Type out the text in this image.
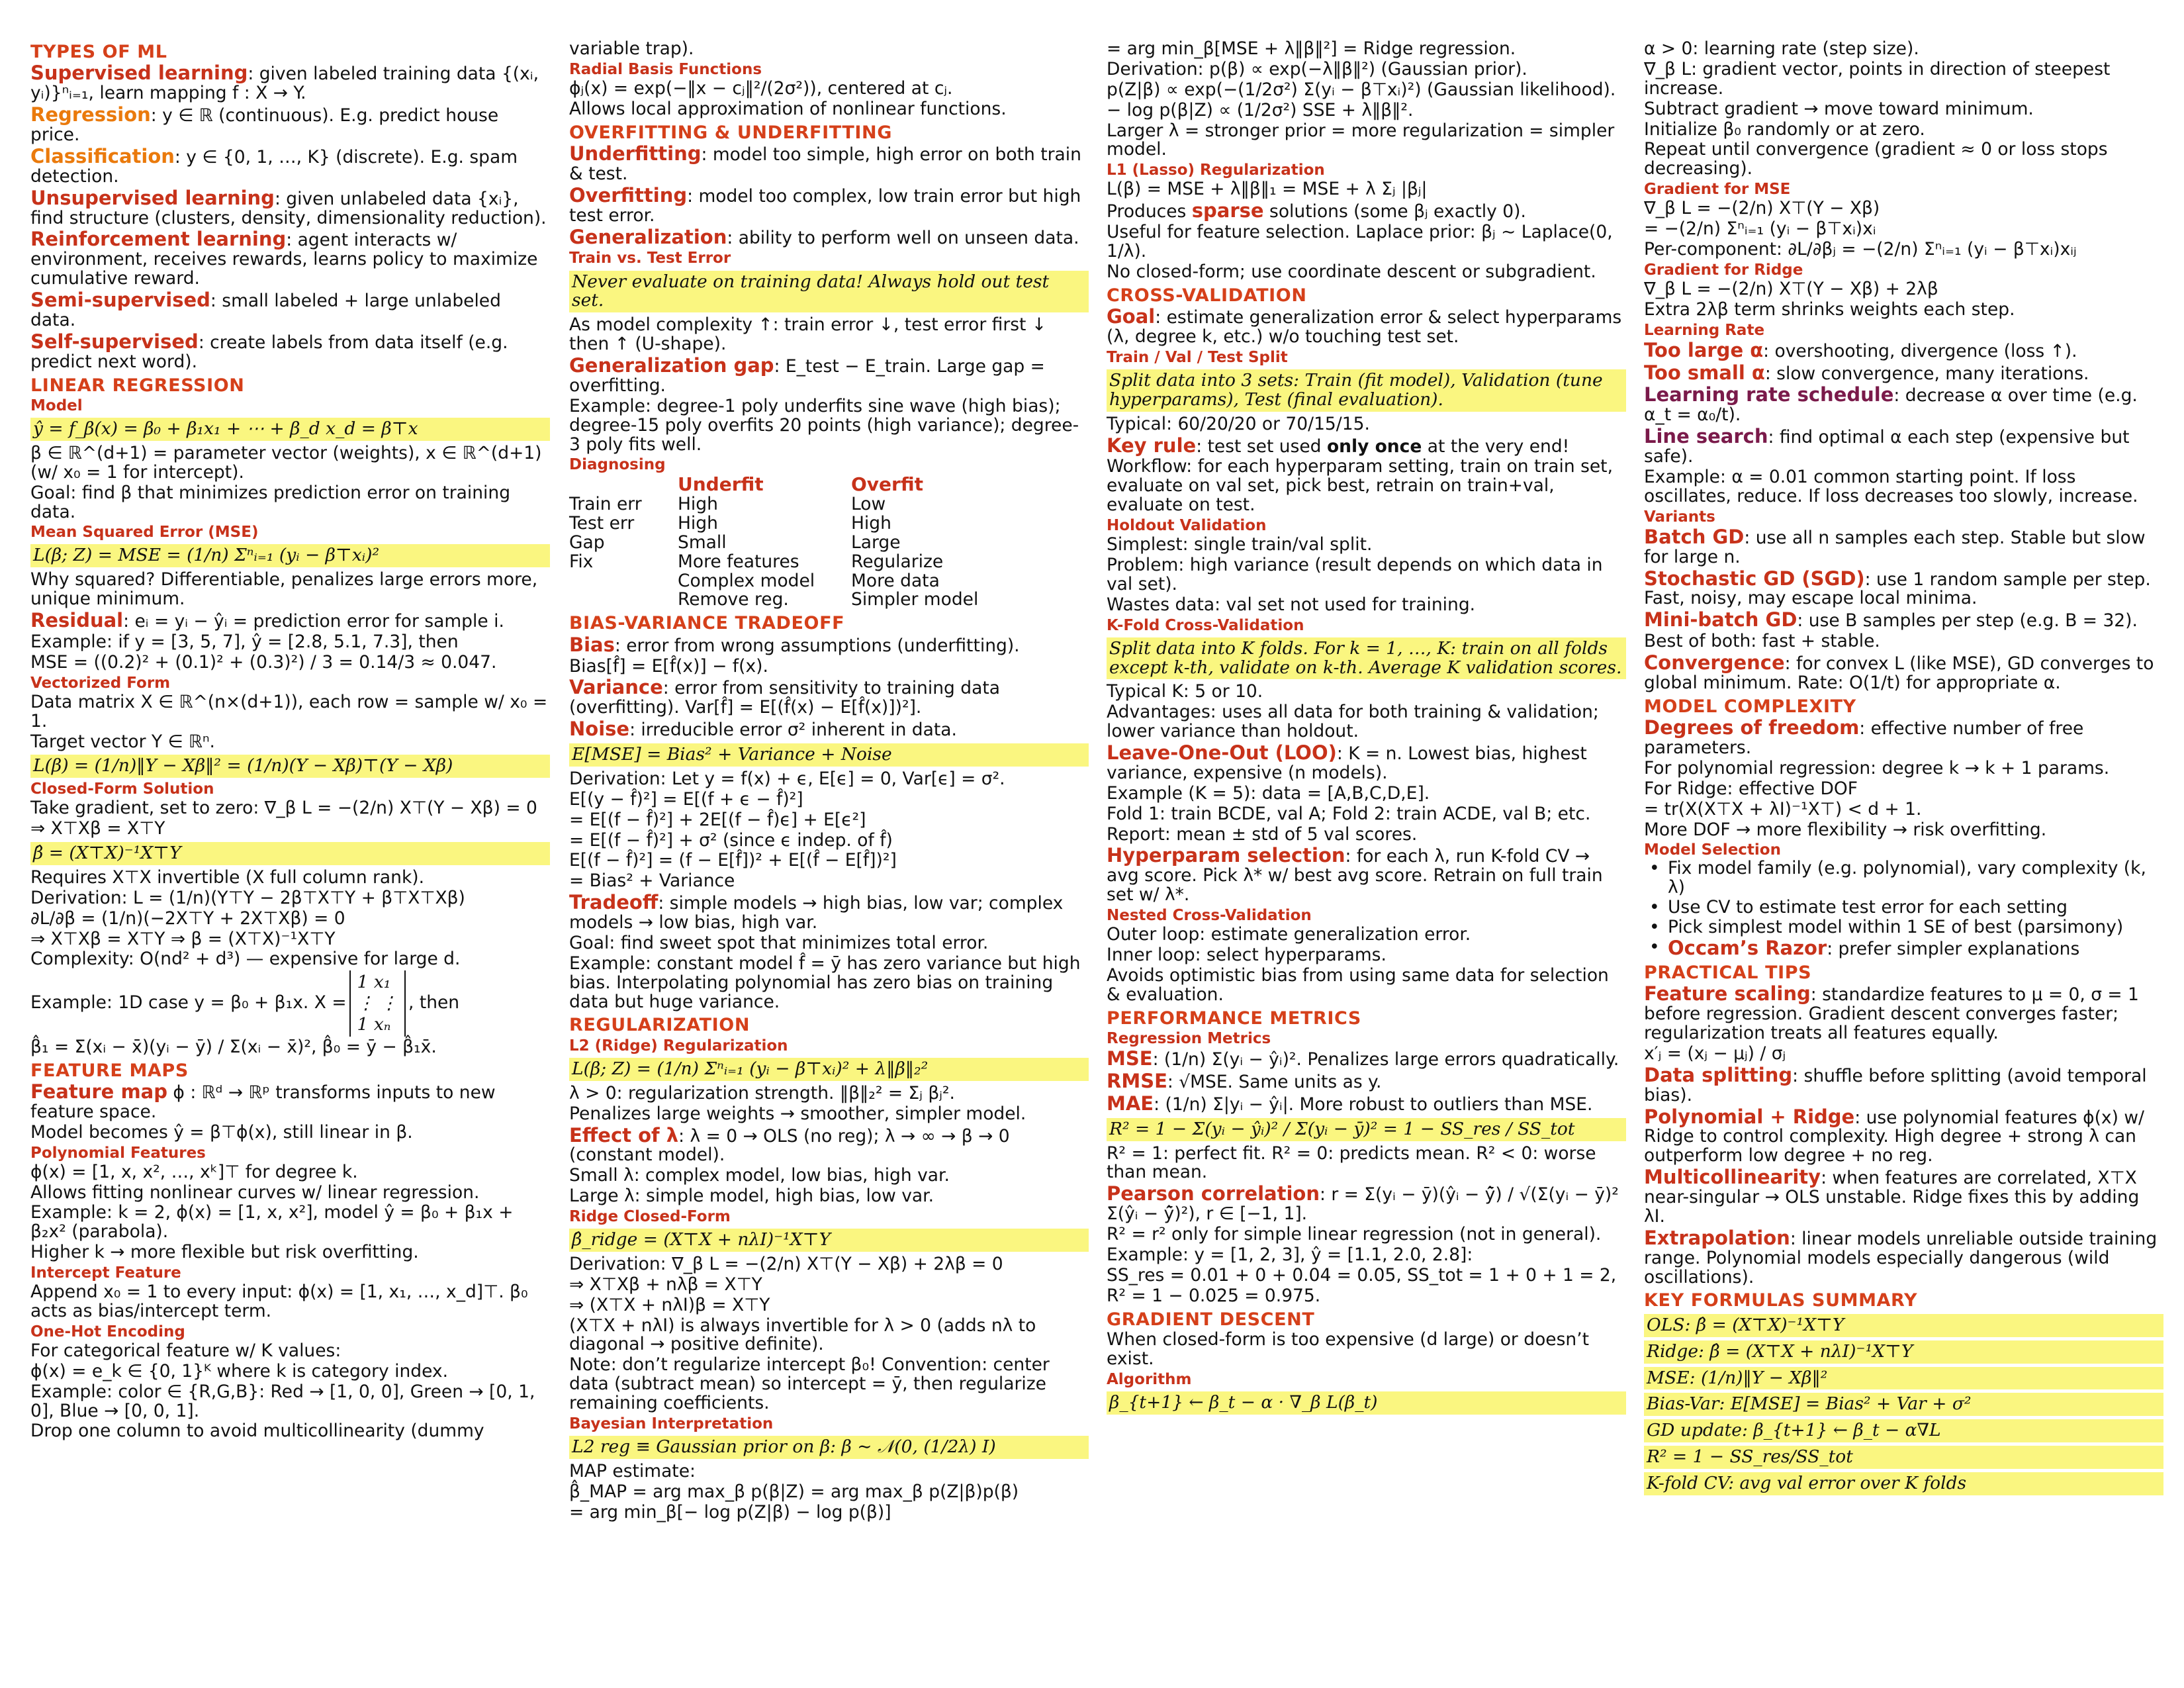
TYPES OF ML
Supervised learning: given labeled training data {(xᵢ, yᵢ)}ⁿᵢ₌₁, learn mapping f : X → Y.
Regression: y ∈ ℝ (continuous). E.g. predict house price.
Classification: y ∈ {0, 1, …, K} (discrete). E.g. spam detection.
Unsupervised learning: given unlabeled data {xᵢ}, find structure (clusters, density, dimensionality reduction).
Reinforcement learning: agent interacts w/ environment, receives rewards, learns policy to maximize cumulative reward.
Semi-supervised: small labeled + large unlabeled data.
Self-supervised: create labels from data itself (e.g. predict next word).
LINEAR REGRESSION
Model
ŷ = f_β(x) = β₀ + β₁x₁ + ⋯ + β_d x_d = β⊤x
β ∈ ℝ^(d+1) = parameter vector (weights), x ∈ ℝ^(d+1) (w/ x₀ = 1 for intercept).
Goal: find β that minimizes prediction error on training data.
Mean Squared Error (MSE)
L(β; Z) = MSE = (1/n) Σⁿᵢ₌₁ (yᵢ − β⊤xᵢ)²
Why squared? Differentiable, penalizes large errors more, unique minimum.
Residual: eᵢ = yᵢ − ŷᵢ = prediction error for sample i.
Example: if y = [3, 5, 7], ŷ = [2.8, 5.1, 7.3], then
MSE = ((0.2)² + (0.1)² + (0.3)²) / 3 = 0.14/3 ≈ 0.047.
Vectorized Form
Data matrix X ∈ ℝ^(n×(d+1)), each row = sample w/ x₀ = 1.
Target vector Y ∈ ℝⁿ.
L(β) = (1/n)‖Y − Xβ‖² = (1/n)(Y − Xβ)⊤(Y − Xβ)
Closed-Form Solution
Take gradient, set to zero: ∇_β L = −(2/n) X⊤(Y − Xβ) = 0
⇒ X⊤Xβ = X⊤Y
β̂ = (X⊤X)⁻¹X⊤Y
Requires X⊤X invertible (X full column rank).
Derivation: L = (1/n)(Y⊤Y − 2β⊤X⊤Y + β⊤X⊤Xβ)
∂L/∂β = (1/n)(−2X⊤Y + 2X⊤Xβ) = 0
⇒ X⊤Xβ = X⊤Y ⇒ β = (X⊤X)⁻¹X⊤Y
Complexity: O(nd² + d³) — expensive for large d.
Example: 1D case y = β₀ + β₁x. X =
1 x₁
⋮ ⋮
1 xₙ
, then
β̂₁ = Σ(xᵢ − x̄)(yᵢ − ȳ) / Σ(xᵢ − x̄)², β̂₀ = ȳ − β̂₁x̄.
FEATURE MAPS
Feature map ϕ : ℝᵈ → ℝᵖ transforms inputs to new feature space.
Model becomes ŷ = β⊤ϕ(x), still linear in β.
Polynomial Features
ϕ(x) = [1, x, x², …, xᵏ]⊤ for degree k.
Allows fitting nonlinear curves w/ linear regression.
Example: k = 2, ϕ(x) = [1, x, x²], model ŷ = β₀ + β₁x + β₂x² (parabola).
Higher k → more flexible but risk overfitting.
Intercept Feature
Append x₀ = 1 to every input: ϕ(x) = [1, x₁, …, x_d]⊤. β₀ acts as bias/intercept term.
One-Hot Encoding
For categorical feature w/ K values:
ϕ(x) = e_k ∈ {0, 1}ᴷ where k is category index.
Example: color ∈ {R,G,B}: Red → [1, 0, 0], Green → [0, 1, 0], Blue → [0, 0, 1].
Drop one column to avoid multicollinearity (dummy
variable trap).
Radial Basis Functions
ϕⱼ(x) = exp(−‖x − cⱼ‖²/(2σ²)), centered at cⱼ.
Allows local approximation of nonlinear functions.
OVERFITTING & UNDERFITTING
Underfitting: model too simple, high error on both train & test.
Overfitting: model too complex, low train error but high test error.
Generalization: ability to perform well on unseen data.
Train vs. Test Error
Never evaluate on training data! Always hold out test set.
As model complexity ↑: train error ↓, test error first ↓ then ↑ (U-shape).
Generalization gap: E_test − E_train. Large gap = overfitting.
Example: degree-1 poly underfits sine wave (high bias); degree-15 poly overfits 20 points (high variance); degree-3 poly fits well.
Diagnosing
Underfit	Overfit
Train err	High	Low
Test err	High	High
Gap	Small	Large
Fix	More features	Regularize
Complex model	More data
Remove reg.	Simpler model
BIAS-VARIANCE TRADEOFF
Bias: error from wrong assumptions (underfitting).
Bias[f̂] = E[f̂(x)] − f(x).
Variance: error from sensitivity to training data (overfitting). Var[f̂] = E[(f̂(x) − E[f̂(x)])²].
Noise: irreducible error σ² inherent in data.
E[MSE] = Bias² + Variance + Noise
Derivation: Let y = f(x) + ϵ, E[ϵ] = 0, Var[ϵ] = σ².
E[(y − f̂)²] = E[(f + ϵ − f̂)²]
= E[(f − f̂)²] + 2E[(f − f̂)ϵ] + E[ϵ²]
= E[(f − f̂)²] + σ² (since ϵ indep. of f̂)
E[(f − f̂)²] = (f − E[f̂])² + E[(f̂ − E[f̂])²]
= Bias² + Variance
Tradeoff: simple models → high bias, low var; complex models → low bias, high var.
Goal: find sweet spot that minimizes total error.
Example: constant model f̂ = ȳ has zero variance but high bias. Interpolating polynomial has zero bias on training data but huge variance.
REGULARIZATION
L2 (Ridge) Regularization
L(β; Z) = (1/n) Σⁿᵢ₌₁ (yᵢ − β⊤xᵢ)² + λ‖β‖₂²
λ > 0: regularization strength. ‖β‖₂² = Σⱼ βⱼ².
Penalizes large weights → smoother, simpler model.
Effect of λ: λ = 0 → OLS (no reg); λ → ∞ → β → 0 (constant model).
Small λ: complex model, low bias, high var.
Large λ: simple model, high bias, low var.
Ridge Closed-Form
β̂_ridge = (X⊤X + nλI)⁻¹X⊤Y
Derivation: ∇_β L = −(2/n) X⊤(Y − Xβ) + 2λβ = 0
⇒ X⊤Xβ + nλβ = X⊤Y
⇒ (X⊤X + nλI)β = X⊤Y
(X⊤X + nλI) is always invertible for λ > 0 (adds nλ to diagonal → positive definite).
Note: don’t regularize intercept β₀! Convention: center data (subtract mean) so intercept = ȳ, then regularize remaining coefficients.
Bayesian Interpretation
L2 reg ≡ Gaussian prior on β: β ∼ 𝒩(0, (1/2λ) I)
MAP estimate:
β̂_MAP = arg max_β p(β|Z) = arg max_β p(Z|β)p(β)
= arg min_β[− log p(Z|β) − log p(β)]
= arg min_β[MSE + λ‖β‖²] = Ridge regression.
Derivation: p(β) ∝ exp(−λ‖β‖²) (Gaussian prior).
p(Z|β) ∝ exp(−(1/2σ²) Σ(yᵢ − β⊤xᵢ)²) (Gaussian likelihood).
− log p(β|Z) ∝ (1/2σ²) SSE + λ‖β‖².
Larger λ = stronger prior = more regularization = simpler model.
L1 (Lasso) Regularization
L(β) = MSE + λ‖β‖₁ = MSE + λ Σⱼ |βⱼ|
Produces sparse solutions (some βⱼ exactly 0).
Useful for feature selection. Laplace prior: βⱼ ∼ Laplace(0, 1/λ).
No closed-form; use coordinate descent or subgradient.
CROSS-VALIDATION
Goal: estimate generalization error & select hyperparams (λ, degree k, etc.) w/o touching test set.
Train / Val / Test Split
Split data into 3 sets: Train (fit model), Validation (tune hyperparams), Test (final evaluation).
Typical: 60/20/20 or 70/15/15.
Key rule: test set used only once at the very end!
Workflow: for each hyperparam setting, train on train set, evaluate on val set, pick best, retrain on train+val, evaluate on test.
Holdout Validation
Simplest: single train/val split.
Problem: high variance (result depends on which data in val set).
Wastes data: val set not used for training.
K-Fold Cross-Validation
Split data into K folds. For k = 1, …, K: train on all folds except k-th, validate on k-th. Average K validation scores.
Typical K: 5 or 10.
Advantages: uses all data for both training & validation; lower variance than holdout.
Leave-One-Out (LOO): K = n. Lowest bias, highest variance, expensive (n models).
Example (K = 5): data = [A,B,C,D,E].
Fold 1: train BCDE, val A; Fold 2: train ACDE, val B; etc.
Report: mean ± std of 5 val scores.
Hyperparam selection: for each λ, run K-fold CV → avg score. Pick λ* w/ best avg score. Retrain on full train set w/ λ*.
Nested Cross-Validation
Outer loop: estimate generalization error.
Inner loop: select hyperparams.
Avoids optimistic bias from using same data for selection & evaluation.
PERFORMANCE METRICS
Regression Metrics
MSE: (1/n) Σ(yᵢ − ŷᵢ)². Penalizes large errors quadratically.
RMSE: √MSE. Same units as y.
MAE: (1/n) Σ|yᵢ − ŷᵢ|. More robust to outliers than MSE.
R² = 1 − Σ(yᵢ − ŷᵢ)² / Σ(yᵢ − ȳ)² = 1 − SS_res / SS_tot
R² = 1: perfect fit. R² = 0: predicts mean. R² < 0: worse than mean.
Pearson correlation: r = Σ(yᵢ − ȳ)(ŷᵢ − ŷ̄) / √(Σ(yᵢ − ȳ)² Σ(ŷᵢ − ŷ̄)²), r ∈ [−1, 1].
R² = r² only for simple linear regression (not in general).
Example: y = [1, 2, 3], ŷ = [1.1, 2.0, 2.8]:
SS_res = 0.01 + 0 + 0.04 = 0.05, SS_tot = 1 + 0 + 1 = 2,
R² = 1 − 0.025 = 0.975.
GRADIENT DESCENT
When closed-form is too expensive (d large) or doesn’t exist.
Algorithm
β_{t+1} ← β_t − α · ∇_β L(β_t)
α > 0: learning rate (step size).
∇_β L: gradient vector, points in direction of steepest increase.
Subtract gradient → move toward minimum.
Initialize β₀ randomly or at zero.
Repeat until convergence (gradient ≈ 0 or loss stops decreasing).
Gradient for MSE
∇_β L = −(2/n) X⊤(Y − Xβ)
= −(2/n) Σⁿᵢ₌₁ (yᵢ − β⊤xᵢ)xᵢ
Per-component: ∂L/∂βⱼ = −(2/n) Σⁿᵢ₌₁ (yᵢ − β⊤xᵢ)xᵢⱼ
Gradient for Ridge
∇_β L = −(2/n) X⊤(Y − Xβ) + 2λβ
Extra 2λβ term shrinks weights each step.
Learning Rate
Too large α: overshooting, divergence (loss ↑).
Too small α: slow convergence, many iterations.
Learning rate schedule: decrease α over time (e.g. α_t = α₀/t).
Line search: find optimal α each step (expensive but safe).
Example: α = 0.01 common starting point. If loss oscillates, reduce. If loss decreases too slowly, increase.
Variants
Batch GD: use all n samples each step. Stable but slow for large n.
Stochastic GD (SGD): use 1 random sample per step. Fast, noisy, may escape local minima.
Mini-batch GD: use B samples per step (e.g. B = 32).
Best of both: fast + stable.
Convergence: for convex L (like MSE), GD converges to global minimum. Rate: O(1/t) for appropriate α.
MODEL COMPLEXITY
Degrees of freedom: effective number of free parameters.
For polynomial regression: degree k → k + 1 params.
For Ridge: effective DOF
= tr(X(X⊤X + λI)⁻¹X⊤) < d + 1.
More DOF → more flexibility → risk overfitting.
Model Selection
• Fix model family (e.g. polynomial), vary complexity (k, λ)
• Use CV to estimate test error for each setting
• Pick simplest model within 1 SE of best (parsimony)
• Occam’s Razor: prefer simpler explanations
PRACTICAL TIPS
Feature scaling: standardize features to μ = 0, σ = 1 before regression. Gradient descent converges faster; regularization treats all features equally.
x′ⱼ = (xⱼ − μⱼ) / σⱼ
Data splitting: shuffle before splitting (avoid temporal bias).
Polynomial + Ridge: use polynomial features ϕ(x) w/ Ridge to control complexity. High degree + strong λ can outperform low degree + no reg.
Multicollinearity: when features are correlated, X⊤X near-singular → OLS unstable. Ridge fixes this by adding λI.
Extrapolation: linear models unreliable outside training range. Polynomial models especially dangerous (wild oscillations).
KEY FORMULAS SUMMARY
OLS: β̂ = (X⊤X)⁻¹X⊤Y
Ridge: β̂ = (X⊤X + nλI)⁻¹X⊤Y
MSE: (1/n)‖Y − Xβ‖²
Bias-Var: E[MSE] = Bias² + Var + σ²
GD update: β_{t+1} ← β_t − α∇L
R² = 1 − SS_res/SS_tot
K-fold CV: avg val error over K folds
